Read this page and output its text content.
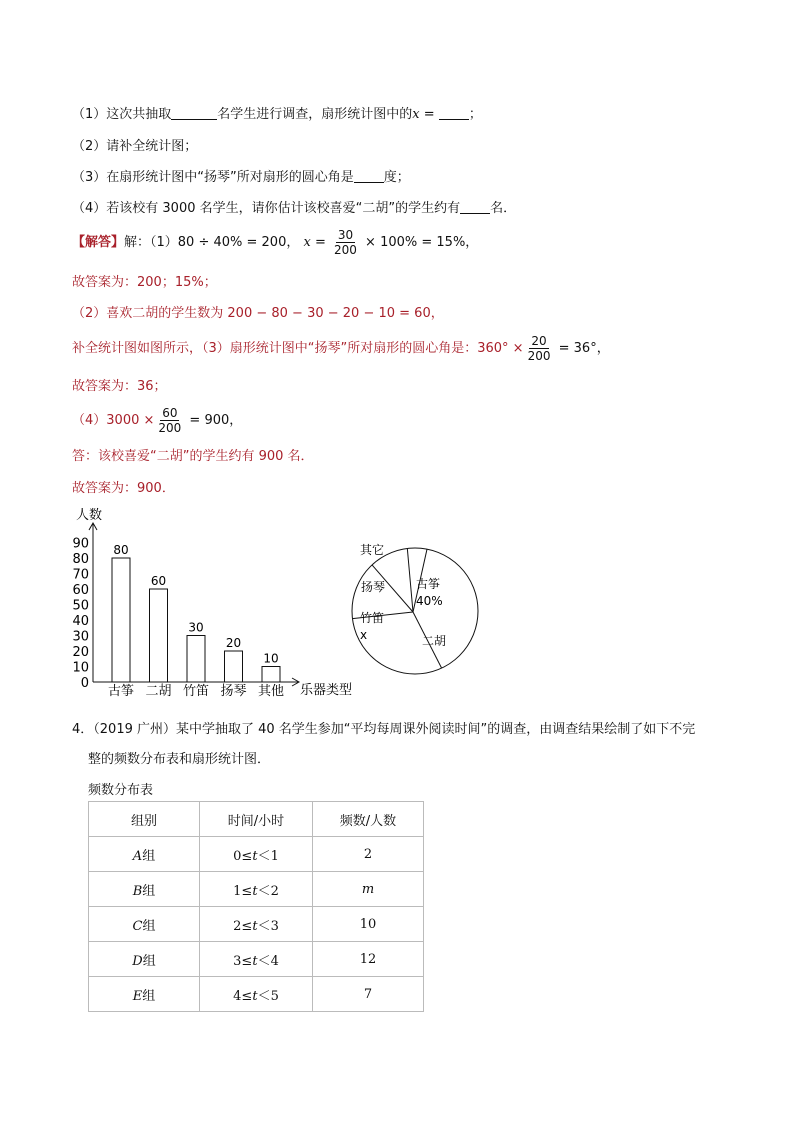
（1）这次共抽取	名学生进行调查，扇形统计图中的x = ；
（2）请补全统计图；
（3）在扇形统计图中“扬琴”所对扇形的圆心角是 度；
（4）若该校有 3000 名学生，请你估计该校喜爱“二胡”的学生约有 名．
【解答】解：（1）80 ÷ 40% = 200， $x = \frac{30}{200} \times 100\% = 15\%$，
故答案为：200；15%；
（2）喜欢二胡的学生数为 200 − 80 − 30 − 20 − 10 = 60，
补全统计图如图所示，（3）扇形统计图中“扬琴”所对扇形的圆心角是：$360^\circ \times \frac{20}{200} = 36^\circ$，
故答案为：36；
$(4)3000 \times \frac{60}{200} = 900$，
答：该校喜爱“二胡”的学生约有 900 名．
故答案为：900．
人数
乐器类型
0
10
20
30
40
50
60
70
80
90 80
古筝
60
二胡
30
竹笛
20
扬琴
10
其他
其它
古筝
40%
二胡
竹笛
x
扬琴
4．（2019 广州）某中学抽取了 40 名学生参加“平均每周课外阅读时间”的调查，由调查结果绘制了如下不完
整的频数分布表和扇形统计图．
频数分布表
组别	时间/小时	频数/人数
A组	0≤t＜1	2
B组	1≤t＜2	m
C组	2≤t＜3	10
D组	3≤t＜4	12
E组	4≤t＜5	7
